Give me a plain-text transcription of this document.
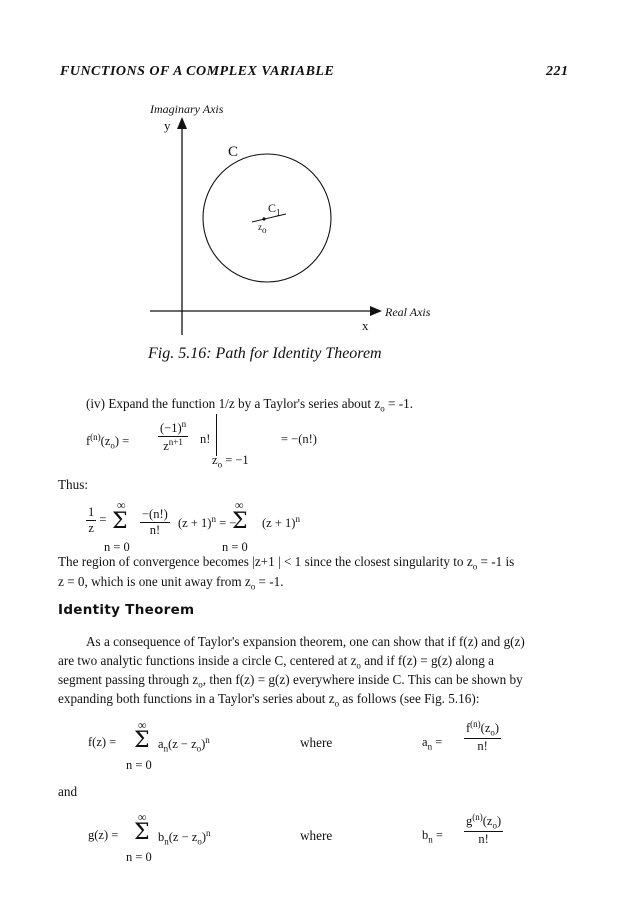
FUNCTIONS OF A COMPLEX VARIABLE	221
Imaginary Axis
y
C
$C_1$
$z_o$
Real Axis
x
Fig. 5.16: Path for Identity Theorem
(iv) Expand the function 1/z by a Taylor's series about $z_o = -1$.
$f^{(n)}(z_o) = \frac{(-1)^n}{z^{n+1}} n$!
$z_o = -1$
= −(n!)
Thus:
$\frac{1}{z}$ =
∞
Σ
n = 0
$\frac{-(n!)}{n!} (z + 1)^n$ = −
∞
Σ
n = 0
$(z + 1)^n$
The region of convergence becomes |z+1 | < 1 since the closest singularity to $z_o = -1$ is
z = 0, which is one unit away from $z_o = -1$.
Identity Theorem
As a consequence of Taylor's expansion theorem, one can show that if f(z) and g(z)
are two analytic functions inside a circle C, centered at $z_o$ and if f(z) = g(z) along a
segment passing through $z_o$, then f(z) = g(z) everywhere inside C. This can be shown by
expanding both functions in a Taylor's series about $z_o$ as follows (see Fig. 5.16):
f(z) =
∞
Σ
n = 0
$a_n(z - z_o)^n$	where	$a_n = \frac{f^{(n)}(z_o)}{n!}$
and
g(z) =
∞
Σ
n = 0
$b_n(z - z_o)^n$	where	$b_n = \frac{g^{(n)}(z_o)}{n!}$
